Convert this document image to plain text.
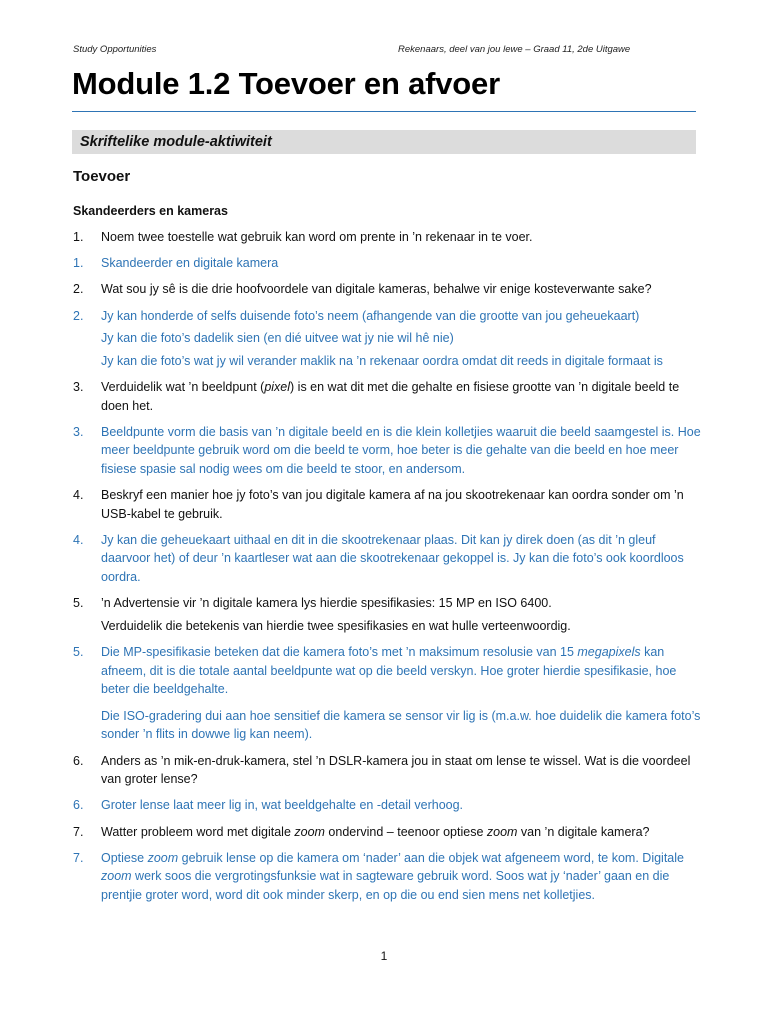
Study Opportunities	Rekenaars, deel van jou lewe – Graad 11, 2de Uitgawe
Module 1.2 Toevoer en afvoer
Skriftelike module-aktiwiteit
Toevoer
Skandeerders en kameras
1.	Noem twee toestelle wat gebruik kan word om prente in ’n rekenaar in te voer.
1.	Skandeerder en digitale kamera
2.	Wat sou jy sê is die drie hoofvoordele van digitale kameras, behalwe vir enige kosteverwante sake?
2.	Jy kan honderde of selfs duisende foto’s neem (afhangende van die grootte van jou geheuekaart)
Jy kan die foto’s dadelik sien (en dié uitvee wat jy nie wil hê nie)
Jy kan die foto’s wat jy wil verander maklik na ’n rekenaar oordra omdat dit reeds in digitale formaat is
3.	Verduidelik wat ’n beeldpunt (pixel) is en wat dit met die gehalte en fisiese grootte van ’n digitale beeld te doen het.
3.	Beeldpunte vorm die basis van ’n digitale beeld en is die klein kolletjies waaruit die beeld saamgestel is. Hoe meer beeldpunte gebruik word om die beeld te vorm, hoe beter is die gehalte van die beeld en hoe meer fisiese spasie sal nodig wees om die beeld te stoor, en andersom.
4.	Beskryf een manier hoe jy foto’s van jou digitale kamera af na jou skootrekenaar kan oordra sonder om ’n USB-kabel te gebruik.
4.	Jy kan die geheuekaart uithaal en dit in die skootrekenaar plaas. Dit kan jy direk doen (as dit ’n gleuf daarvoor het) of deur ’n kaartleser wat aan die skootrekenaar gekoppel is. Jy kan die foto’s ook koordloos oordra.
5.	’n Advertensie vir ’n digitale kamera lys hierdie spesifikasies: 15 MP en ISO 6400.
Verduidelik die betekenis van hierdie twee spesifikasies en wat hulle verteenwoordig.
5.	Die MP-spesifikasie beteken dat die kamera foto’s met ’n maksimum resolusie van 15 megapixels kan afneem, dit is die totale aantal beeldpunte wat op die beeld verskyn. Hoe groter hierdie spesifikasie, hoe beter die beeldgehalte.
Die ISO-gradering dui aan hoe sensitief die kamera se sensor vir lig is (m.a.w. hoe duidelik die kamera foto’s sonder ’n flits in dowwe lig kan neem).
6.	Anders as ’n mik-en-druk-kamera, stel ’n DSLR-kamera jou in staat om lense te wissel. Wat is die voordeel van groter lense?
6.	Groter lense laat meer lig in, wat beeldgehalte en -detail verhoog.
7.	Watter probleem word met digitale zoom ondervind – teenoor optiese zoom van ’n digitale kamera?
7.	Optiese zoom gebruik lense op die kamera om ‘nader’ aan die objek wat afgeneem word, te kom. Digitale zoom werk soos die vergrotingsfunksie wat in sagteware gebruik word. Soos wat jy ‘nader’ gaan en die prentjie groter word, word dit ook minder skerp, en op die ou end sien mens net kolletjies.
1
